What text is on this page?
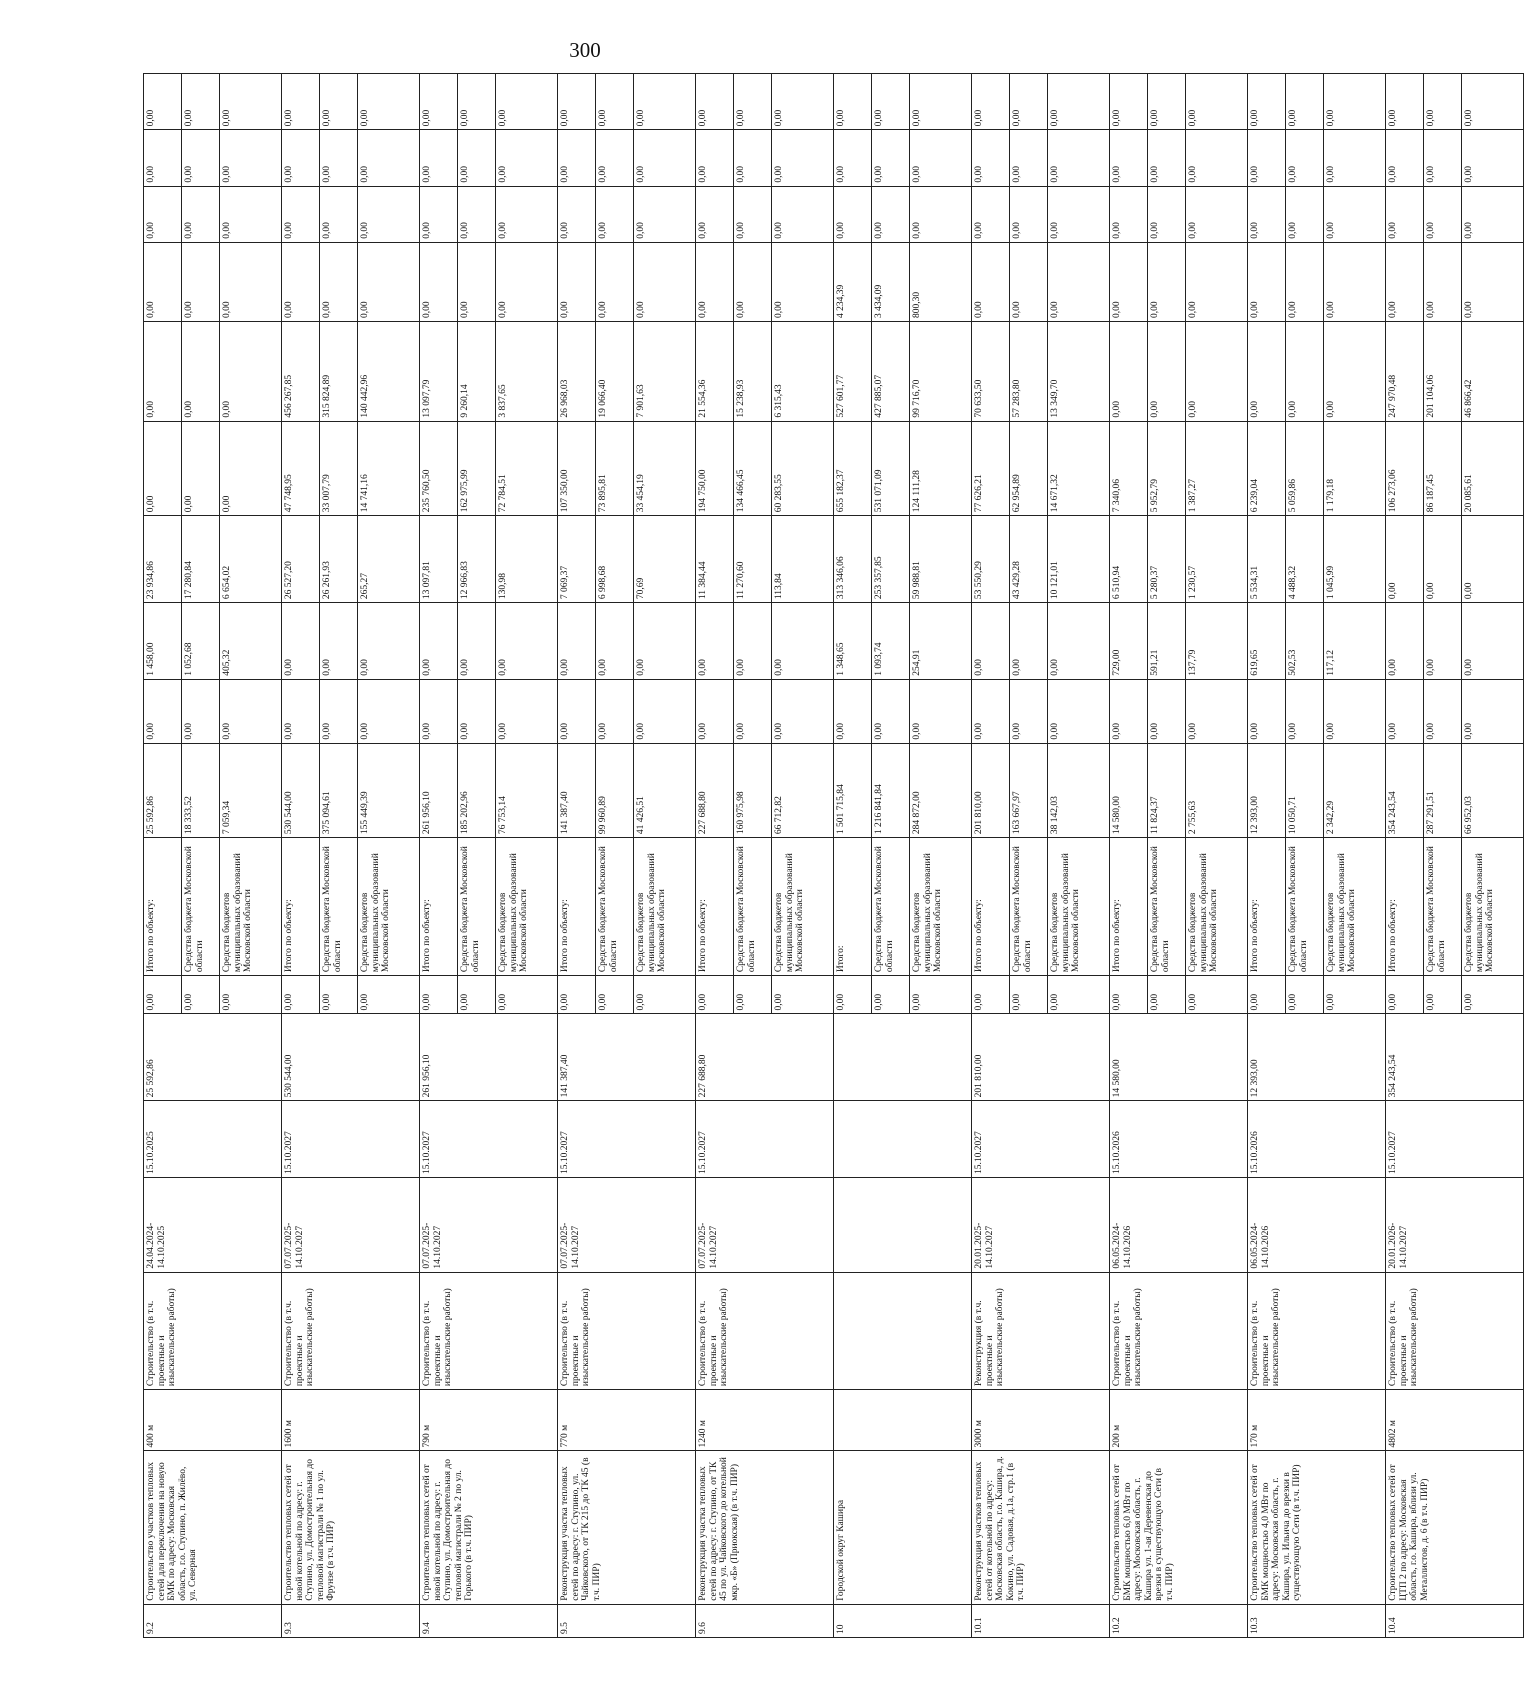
300
9.2	Строительство участков тепловых сетей для переключения на новую БМК по адресу: Московская область, г.о. Ступино, п. Жилёво, ул. Северная	400 м	Строительство (в т.ч. проектные и изыскательские работы)	24.04.2024- 14.10.2025	15.10.2025	25 592,86	0,00	Итого по объекту:	25 592,86	0,00	1 458,00	23 934,86	0,00	0,00	0,00	0,00	0,00	0,00
							0,00	Средства бюджета Московской области	18 333,52	0,00	1 052,68	17 280,84	0,00	0,00	0,00	0,00	0,00	0,00
							0,00	Средства бюджетов муниципальных образований Московской области	7 059,34	0,00	405,32	6 654,02	0,00	0,00	0,00	0,00	0,00	0,00
9.3	Строительство тепловых сетей от новой котельной по адресу: г. Ступино, ул. Домостроительная до тепловой магистрали № 1 по ул. Фрунзе (в т.ч. ПИР)	1600 м	Строительство (в т.ч. проектные и изыскательские работы)	07.07.2025- 14.10.2027	15.10.2027	530 544,00	0,00	Итого по объекту:	530 544,00	0,00	0,00	26 527,20	47 748,95	456 267,85	0,00	0,00	0,00	0,00
							0,00	Средства бюджета Московской области	375 094,61	0,00	0,00	26 261,93	33 007,79	315 824,89	0,00	0,00	0,00	0,00
							0,00	Средства бюджетов муниципальных образований Московской области	155 449,39	0,00	0,00	265,27	14 741,16	140 442,96	0,00	0,00	0,00	0,00
9.4	Строительство тепловых сетей от новой котельной по адресу: г. Ступино, ул. Домостроительная до тепловой магистрали № 2 по ул. Горького (в т.ч. ПИР)	790 м	Строительство (в т.ч. проектные и изыскательские работы)	07.07.2025- 14.10.2027	15.10.2027	261 956,10	0,00	Итого по объекту:	261 956,10	0,00	0,00	13 097,81	235 760,50	13 097,79	0,00	0,00	0,00	0,00
							0,00	Средства бюджета Московской области	185 202,96	0,00	0,00	12 966,83	162 975,99	9 260,14	0,00	0,00	0,00	0,00
							0,00	Средства бюджетов муниципальных образований Московской области	76 753,14	0,00	0,00	130,98	72 784,51	3 837,65	0,00	0,00	0,00	0,00
9.5	Реконструкция участка тепловых сетей по адресу: г. Ступино, ул. Чайковского, от ТК 215 до ТК 45 (в т.ч. ПИР)	770 м	Строительство (в т.ч. проектные и изыскательские работы)	07.07.2025- 14.10.2027	15.10.2027	141 387,40	0,00	Итого по объекту:	141 387,40	0,00	0,00	7 069,37	107 350,00	26 968,03	0,00	0,00	0,00	0,00
							0,00	Средства бюджета Московской области	99 960,89	0,00	0,00	6 998,68	73 895,81	19 066,40	0,00	0,00	0,00	0,00
							0,00	Средства бюджетов муниципальных образований Московской области	41 426,51	0,00	0,00	70,69	33 454,19	7 901,63	0,00	0,00	0,00	0,00
9.6	Реконструкция участка тепловых сетей по адресу: г. Ступино, от ТК 45 по ул. Чайковского до котельной мкр. «Б» (Приокская) (в т.ч. ПИР)	1240 м	Строительство (в т.ч. проектные и изыскательские работы)	07.07.2025- 14.10.2027	15.10.2027	227 688,80	0,00	Итого по объекту:	227 688,80	0,00	0,00	11 384,44	194 750,00	21 554,36	0,00	0,00	0,00	0,00
							0,00	Средства бюджета Московской области	160 975,98	0,00	0,00	11 270,60	134 466,45	15 238,93	0,00	0,00	0,00	0,00
							0,00	Средства бюджетов муниципальных образований Московской области	66 712,82	0,00	0,00	113,84	60 283,55	6 315,43	0,00	0,00	0,00	0,00
10	Городской округ Кашира						0,00	Итого:	1 501 715,84	0,00	1 348,65	313 346,06	655 182,37	527 601,77	4 234,39	0,00	0,00	0,00
							0,00	Средства бюджета Московской области	1 216 841,84	0,00	1 093,74	253 357,85	531 071,09	427 885,07	3 434,09	0,00	0,00	0,00
							0,00	Средства бюджетов муниципальных образований Московской области	284 872,00	0,00	254,91	59 988,81	124 111,28	99 716,70	800,30	0,00	0,00	0,00
10.1	Реконструкция участков тепловых сетей от котельной по адресу: Московская область, г.о. Кашира, д. Кокино, ул. Садовая, д.1а, стр.1 (в т.ч. ПИР)	3000 м	Реконструкция (в т.ч. проектные и изыскательские работы)	20.01.2025- 14.10.2027	15.10.2027	201 810,00	0,00	Итого по объекту:	201 810,00	0,00	0,00	53 550,29	77 626,21	70 633,50	0,00	0,00	0,00	0,00
							0,00	Средства бюджета Московской области	163 667,97	0,00	0,00	43 429,28	62 954,89	57 283,80	0,00	0,00	0,00	0,00
							0,00	Средства бюджетов муниципальных образований Московской области	38 142,03	0,00	0,00	10 121,01	14 671,32	13 349,70	0,00	0,00	0,00	0,00
10.2	Строительство тепловых сетей от БМК мощностью 6,0 МВт по адресу: Московская область, г. Кашира ул. 1-ая Деревенская до врезки в существующую Сети (в т.ч. ПИР)	200 м	Строительство (в т.ч. проектные и изыскательские работы)	06.05.2024- 14.10.2026	15.10.2026	14 580,00	0,00	Итого по объекту:	14 580,00	0,00	729,00	6 510,94	7 340,06	0,00	0,00	0,00	0,00	0,00
							0,00	Средства бюджета Московской области	11 824,37	0,00	591,21	5 280,37	5 952,79	0,00	0,00	0,00	0,00	0,00
							0,00	Средства бюджетов муниципальных образований Московской области	2 755,63	0,00	137,79	1 230,57	1 387,27	0,00	0,00	0,00	0,00	0,00
10.3	Строительство тепловых сетей от БМК мощностью 4,0 МВт по адресу: Московская область, г. Кашира, ул. Ильича до врезки в существующую Сети (в т.ч. ПИР)	170 м	Строительство (в т.ч. проектные и изыскательские работы)	06.05.2024- 14.10.2026	15.10.2026	12 393,00	0,00	Итого по объекту:	12 393,00	0,00	619,65	5 534,31	6 239,04	0,00	0,00	0,00	0,00	0,00
							0,00	Средства бюджета Московской области	10 050,71	0,00	502,53	4 488,32	5 059,86	0,00	0,00	0,00	0,00	0,00
							0,00	Средства бюджетов муниципальных образований Московской области	2 342,29	0,00	117,12	1 045,99	1 179,18	0,00	0,00	0,00	0,00	0,00
10.4	Строительство тепловых сетей от ЦТП 2 по адресу: Московская область, г.о. Кашира, вблизи ул. Металлистов, д. 6 (в т.ч. ПИР)	4802 м	Строительство (в т.ч. проектные и изыскательские работы)	20.01.2026- 14.10.2027	15.10.2027	354 243,54	0,00	Итого по объекту:	354 243,54	0,00	0,00	0,00	106 273,06	247 970,48	0,00	0,00	0,00	0,00
							0,00	Средства бюджета Московской области	287 291,51	0,00	0,00	0,00	86 187,45	201 104,06	0,00	0,00	0,00	0,00
							0,00	Средства бюджетов муниципальных образований Московской области	66 952,03	0,00	0,00	0,00	20 085,61	46 866,42	0,00	0,00	0,00	0,00
